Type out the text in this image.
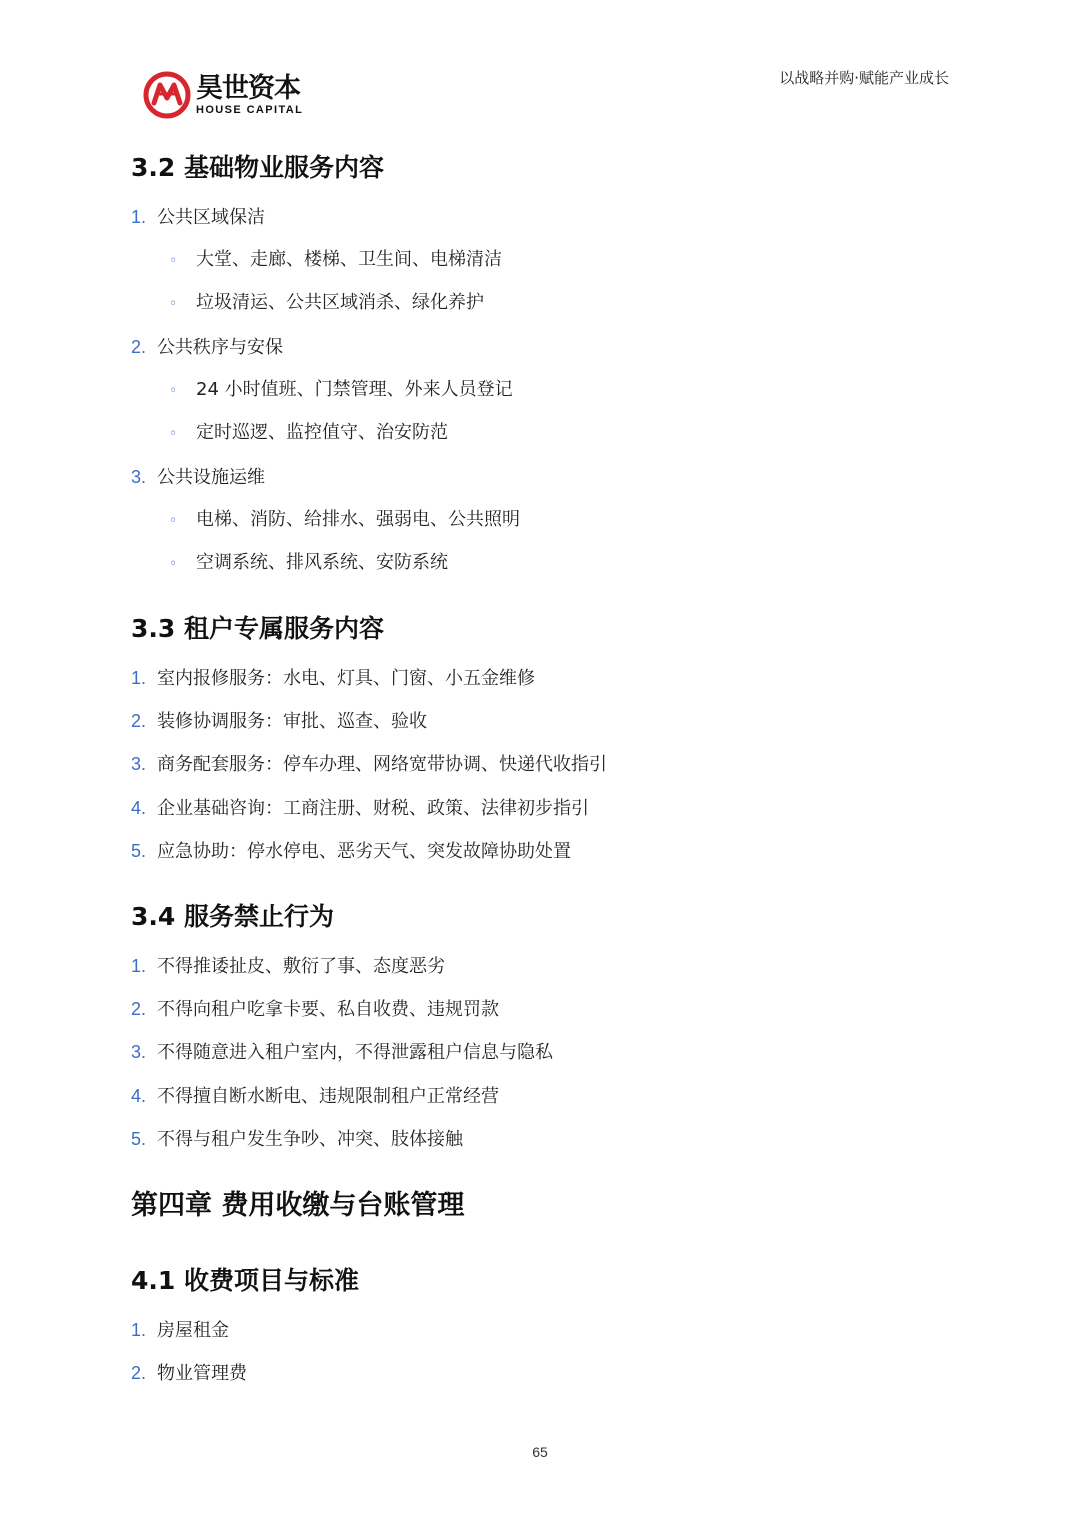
昊世资本
HOUSE CAPITAL
以战略并购·赋能产业成长
3.2 基础物业服务内容
1. 公共区域保洁
◦ 大堂、走廊、楼梯、卫生间、电梯清洁
◦ 垃圾清运、公共区域消杀、绿化养护
2. 公共秩序与安保
◦ 24 小时值班、门禁管理、外来人员登记
◦ 定时巡逻、监控值守、治安防范
3. 公共设施运维
◦ 电梯、消防、给排水、强弱电、公共照明
◦ 空调系统、排风系统、安防系统
3.3 租户专属服务内容
1. 室内报修服务：水电、灯具、门窗、小五金维修
2. 装修协调服务：审批、巡查、验收
3. 商务配套服务：停车办理、网络宽带协调、快递代收指引
4. 企业基础咨询：工商注册、财税、政策、法律初步指引
5. 应急协助：停水停电、恶劣天气、突发故障协助处置
3.4 服务禁止行为
1. 不得推诿扯皮、敷衍了事、态度恶劣
2. 不得向租户吃拿卡要、私自收费、违规罚款
3. 不得随意进入租户室内，不得泄露租户信息与隐私
4. 不得擅自断水断电、违规限制租户正常经营
5. 不得与租户发生争吵、冲突、肢体接触
第四章 费用收缴与台账管理
4.1 收费项目与标准
1. 房屋租金
2. 物业管理费
65
